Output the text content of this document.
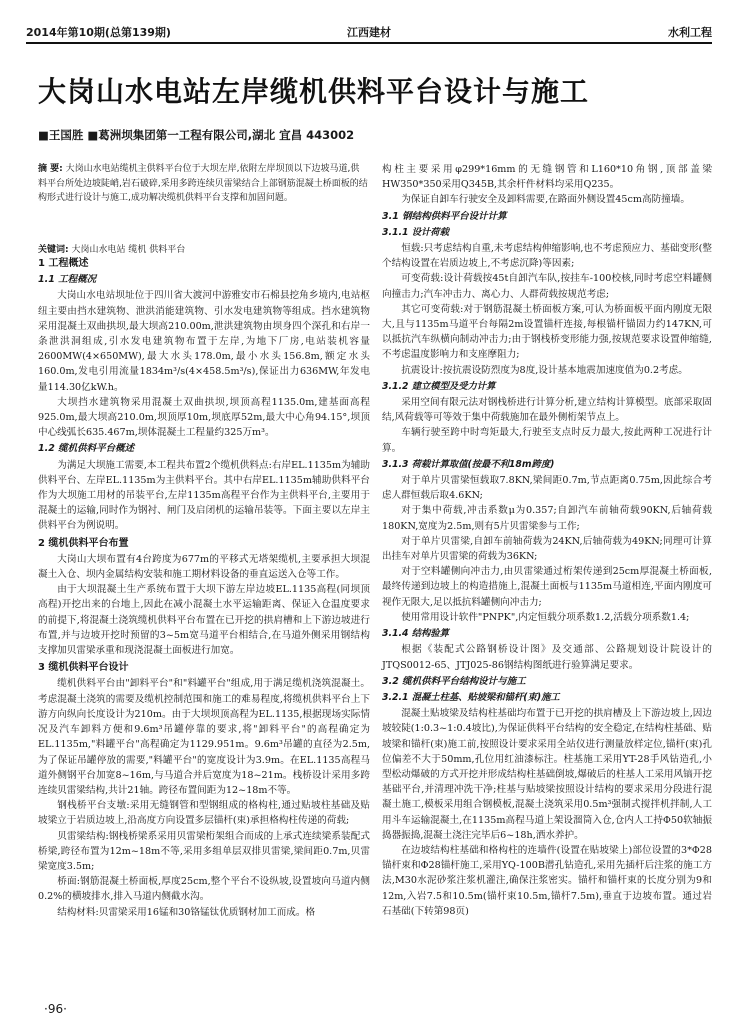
2014年第10期(总第139期)	江西建材	水利工程
大岗山水电站左岸缆机供料平台设计与施工
■王国胜 ■葛洲坝集团第一工程有限公司,湖北 宜昌 443002
摘 要: 大岗山水电站缆机主供料平台位于大坝左岸,依附左岸坝顶以下边坡马道,供料平台所处边坡陡峭,岩石破碎,采用多跨连续贝雷梁结合上部钢筋混凝土桥面板的结构形式进行设计与施工,成功解决缆机供料平台支撑和加固问题。
关键词: 大岗山水电站 缆机 供料平台
1 工程概述
1.1 工程概况

大岗山水电站坝址位于四川省大渡河中游雅安市石棉县挖角乡境内,电站枢纽主要由挡水建筑物、泄洪消能建筑物、引水发电建筑物等组成。挡水建筑物采用混凝土双曲拱坝,最大坝高210.00m,泄洪建筑物由坝身四个深孔和右岸一条泄洪洞组成,引水发电建筑物布置于左岸,为地下厂房,电站装机容量2600MW(4×650MW),最大水头178.0m,最小水头156.8m,额定水头160.0m,发电引用流量1834m³/s(4×458.5m³/s),保证出力636MW,年发电量114.30亿kW.h。

大坝挡水建筑物采用混凝土双曲拱坝,坝顶高程1135.0m,建基面高程925.0m,最大坝高210.0m,坝顶厚10m,坝底厚52m,最大中心角94.15°,坝顶中心线弧长635.467m,坝体混凝土工程量约325万m³。

1.2 缆机供料平台概述

为满足大坝施工需要,本工程共布置2个缆机供料点:右岸EL.1135m为辅助供料平台、左岸EL.1135m为主供料平台。其中右岸EL.1135m辅助供料平台作为大坝施工用材的吊装平台,左岸1135m高程平台作为主供料平台,主要用于混凝土的运输,同时作为钢衬、闸门及启闭机的运输吊装等。下面主要以左岸主供料平台为例说明。

2 缆机供料平台布置

大岗山大坝布置有4台跨度为677m的平移式无塔架缆机,主要承担大坝混凝土入仓、坝内金属结构安装和施工期材料设备的垂直运送入仓等工作。

由于大坝混凝土生产系统布置于大坝下游左岸边坡EL.1135高程(同坝顶高程)开挖出来的台地上,因此在减小混凝土水平运输距离、保证入仓温度要求的前提下,将混凝土浇筑缆机供料平台布置在已开挖的拱肩槽和上下游边坡进行布置,并与边坡开挖时预留的3~5m宽马道平台相结合,在马道外侧采用钢结构支撑加贝雷梁承重和现浇混凝土面板进行加宽。

3 缆机供料平台设计

缆机供料平台由"卸料平台"和"料罐平台"组成,用于满足缆机浇筑混凝土。考虑混凝土浇筑的需要及缆机控制范围和施工的难易程度,将缆机供料平台上下游方向纵向长度设计为210m。由于大坝坝顶高程为EL.1135,根据现场实际情况及汽车卸料方便和9.6m³吊罐停靠的要求,将"卸料平台"的高程确定为EL.1135m,"料罐平台"高程确定为1129.951m。9.6m³吊罐的直径为2.5m,为了保证吊罐停放的需要,"料罐平台"的宽度设计为3.9m。在EL.1135高程马道外侧钢平台加宽8~16m,与马道合并后宽度为18~21m。栈桥设计采用多跨连续贝雷梁结构,共计21轴。跨径布置间距为12~18m不等。

钢栈桥平台支墩:采用无缝钢管和型钢组成的格构柱,通过贴坡柱基础及贴坡梁立于岩质边坡上,沿高度方向设置多层锚杆(束)承担格构柱传递的荷载;

贝雷梁结构:钢栈桥梁系采用贝雷梁桁架组合而成的上承式连续梁系装配式桥梁,跨径布置为12m~18m不等,采用多组单层双排贝雷梁,梁间距0.7m,贝雷梁宽度3.5m;

桥面:钢筋混凝土桥面板,厚度25cm,整个平台不设纵坡,设置坡向马道内侧0.2%的横坡排水,排入马道内侧截水沟。

结构材料:贝雷梁采用16锰和30铬锰钛优质钢材加工而成。格

构柱主要采用φ299*16mm的无缝钢管和L160*10角钢,顶部盖梁HW350*350采用Q345B,其余杆件材料均采用Q235。

为保证自卸车行驶安全及卸料需要,在路面外侧设置45cm高防撞墙。

3.1 钢结构供料平台设计计算
3.1.1 设计荷载

恒载:只考虑结构自重,未考虑结构伸缩影响,也不考虑预应力、基础变形(整个结构设置在岩质边坡上,不考虑沉降)等因素;

可变荷载:设计荷载按45t自卸汽车队,按挂车-100校核,同时考虑空料罐侧向撞击力;汽车冲击力、离心力、人群荷载按规范考虑;

其它可变荷载:对于钢筋混凝土桥面板方案,可认为桥面板平面内刚度无限大,且与1135m马道平台每隔2m设置锚杆连接,每根锚杆锚固力约147KN,可以抵抗汽车纵横向制动冲击力;由于钢栈桥变形能力强,按规范要求设置伸缩缝,不考虑温度影响力和支座摩阻力;

抗震设计:按抗震设防烈度为8度,设计基本地震加速度值为0.2考虑。

3.1.2 建立模型及受力计算

采用空间有限元法对钢栈桥进行计算分析,建立结构计算模型。底部采取固结,风荷载等可等效于集中荷载施加在最外侧桁架节点上。

车辆行驶至跨中时弯矩最大,行驶至支点时反力最大,按此两种工况进行计算。

3.1.3 荷载计算取值(按最不利18m跨度)

对于单片贝雷梁恒载取7.8KN,梁间距0.7m,节点距离0.75m,因此综合考虑人群恒载后取4.6KN;

对于集中荷载,冲击系数μ为0.357;自卸汽车前轴荷载90KN,后轴荷载180KN,宽度为2.5m,则有5片贝雷梁参与工作;

对于单片贝雷梁,自卸车前轴荷载为24KN,后轴荷载为49KN;同理可计算出挂车对单片贝雷梁的荷载为36KN;

对于空料罐侧向冲击力,由贝雷梁通过桁架传递到25cm厚混凝土桥面板,最终传递到边坡上的构造措施上,混凝土面板与1135m马道相连,平面内刚度可视作无限大,足以抵抗料罐侧向冲击力;

使用常用设计软件"PNPK",内定恒载分项系数1.2,活载分项系数1.4;

3.1.4 结构验算

根据《装配式公路钢桥设计图》及交通部、公路规划设计院设计的JTQS0012-65、JTJ025-86钢结构图纸进行验算满足要求。

3.2 缆机供料平台结构设计与施工
3.2.1 混凝土柱基、贴坡梁和锚杆(束)施工

混凝土贴坡梁及结构柱基础均布置于已开挖的拱肩槽及上下游边坡上,因边坡较陡(1:0.3~1:0.4坡比),为保证供料平台结构的安全稳定,在结构柱基础、贴坡梁和锚杆(束)施工前,按照设计要求采用全站仪进行测量放样定位,锚杆(束)孔位偏差不大于50mm,孔位用红油漆标注。柱基施工采用YT-28手风钻造孔,小型松动爆破的方式开挖并形成结构柱基础倒坡,爆破后的柱基人工采用风镐开挖基础平台,并清理冲洗干净;柱基与贴坡梁按照设计结构的要求采用分段进行混凝土施工,模板采用组合钢模板,混凝土浇筑采用0.5m³强制式搅拌机拌制,人工用斗车运输混凝土,在1135m高程马道上架设溜筒入仓,仓内人工持Φ50软轴振捣器振捣,混凝土浇注完毕后6~18h,洒水养护。

在边坡结构柱基础和格构柱的连墙件(设置在贴坡梁上)部位设置的3*Φ28锚杆束和Φ28锚杆施工,采用YQ-100B潜孔钻造孔,采用先插杆后注浆的施工方法,M30水泥砂浆注浆机灌注,确保注浆密实。锚杆和锚杆束的长度分别为9和12m,入岩7.5和10.5m(锚杆束10.5m,锚杆7.5m),垂直于边坡布置。通过岩石基础(下转第98页)

·96·
